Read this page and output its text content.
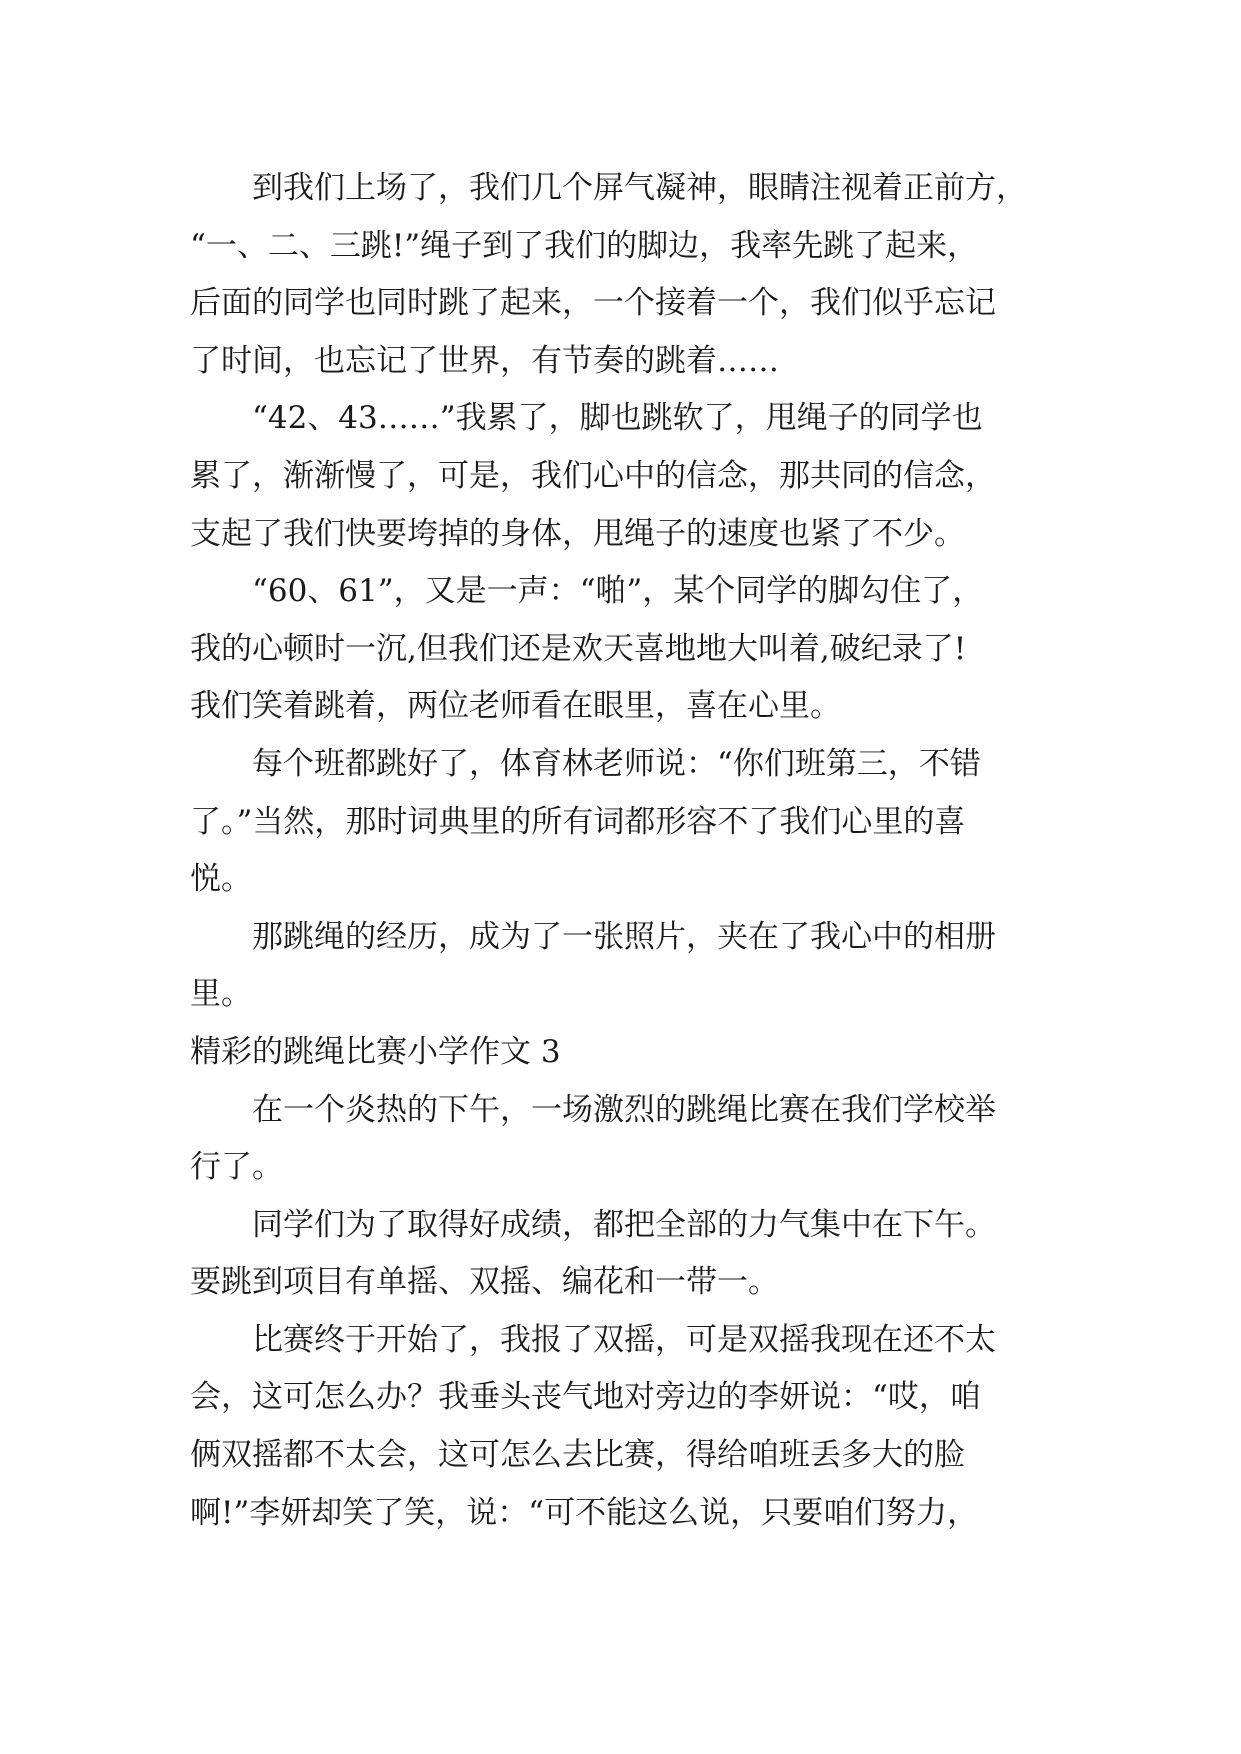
到我们上场了，我们几个屏气凝神，眼睛注视着正前方，
“一、二、三跳!”绳子到了我们的脚边，我率先跳了起来，
后面的同学也同时跳了起来，一个接着一个，我们似乎忘记
了时间，也忘记了世界，有节奏的跳着……
“42、43……”我累了，脚也跳软了，甩绳子的同学也
累了，渐渐慢了，可是，我们心中的信念，那共同的信念，
支起了我们快要垮掉的身体，甩绳子的速度也紧了不少。
“60、61”，又是一声：“啪”，某个同学的脚勾住了，
我的心顿时一沉,但我们还是欢天喜地地大叫着,破纪录了!
我们笑着跳着，两位老师看在眼里，喜在心里。
每个班都跳好了，体育林老师说：“你们班第三，不错
了。”当然，那时词典里的所有词都形容不了我们心里的喜
悦。
那跳绳的经历，成为了一张照片，夹在了我心中的相册
里。
精彩的跳绳比赛小学作文 3
在一个炎热的下午，一场激烈的跳绳比赛在我们学校举
行了。
同学们为了取得好成绩，都把全部的力气集中在下午。
要跳到项目有单摇、双摇、编花和一带一。
比赛终于开始了，我报了双摇，可是双摇我现在还不太
会，这可怎么办？我垂头丧气地对旁边的李妍说：“哎，咱
俩双摇都不太会，这可怎么去比赛，得给咱班丢多大的脸
啊!”李妍却笑了笑，说：“可不能这么说，只要咱们努力，
